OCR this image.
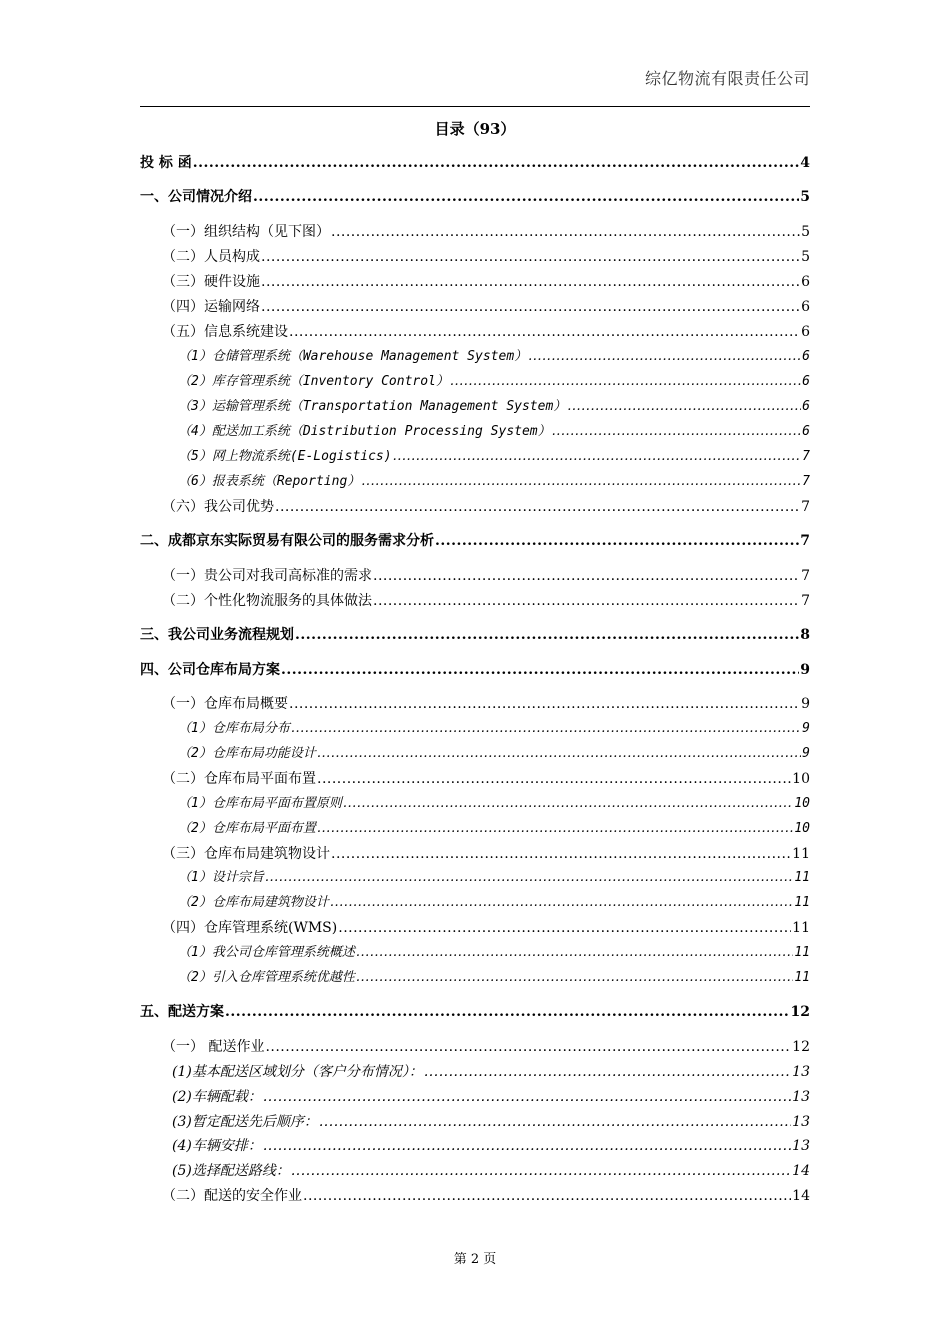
综亿物流有限责任公司
目录（93）
投 标 函 .....	4
一、公司情况介绍 .....	5
（一）组织结构（见下图） .....	5
（二）人员构成 .....	5
（三）硬件设施 .....	6
（四）运输网络 .....	6
（五）信息系统建设 .....	6
（1）仓储管理系统（Warehouse Management System） .....	6
（2）库存管理系统（Inventory Control） .....	6
（3）运输管理系统（Transportation Management System） .....	6
（4）配送加工系统（Distribution Processing System） .....	6
（5）网上物流系统(E-Logistics) .....	7
（6）报表系统（Reporting） .....	7
（六）我公司优势 .....	7
二、成都京东实际贸易有限公司的服务需求分析 .....	7
（一）贵公司对我司高标准的需求 .....	7
（二）个性化物流服务的具体做法 .....	7
三、我公司业务流程规划 .....	8
四、公司仓库布局方案 .....	9
（一）仓库布局概要 .....	9
（1）仓库布局分布 .....	9
（2）仓库布局功能设计 .....	9
（二）仓库布局平面布置 .....	10
（1）仓库布局平面布置原则 .....	10
（2）仓库布局平面布置 .....	10
（三）仓库布局建筑物设计 .....	11
（1）设计宗旨 .....	11
（2）仓库布局建筑物设计 .....	11
（四）仓库管理系统(WMS) .....	11
（1）我公司仓库管理系统概述 .....	11
（2）引入仓库管理系统优越性 .....	11
五、配送方案 .....	12
（一） 配送作业 .....	12
(1)基本配送区域划分（客户分布情况）： .....	13
(2)车辆配载： .....	13
(3)暂定配送先后顺序： .....	13
(4)车辆安排： .....	13
(5)选择配送路线： .....	14
（二）配送的安全作业 .....	14
第 2 页
